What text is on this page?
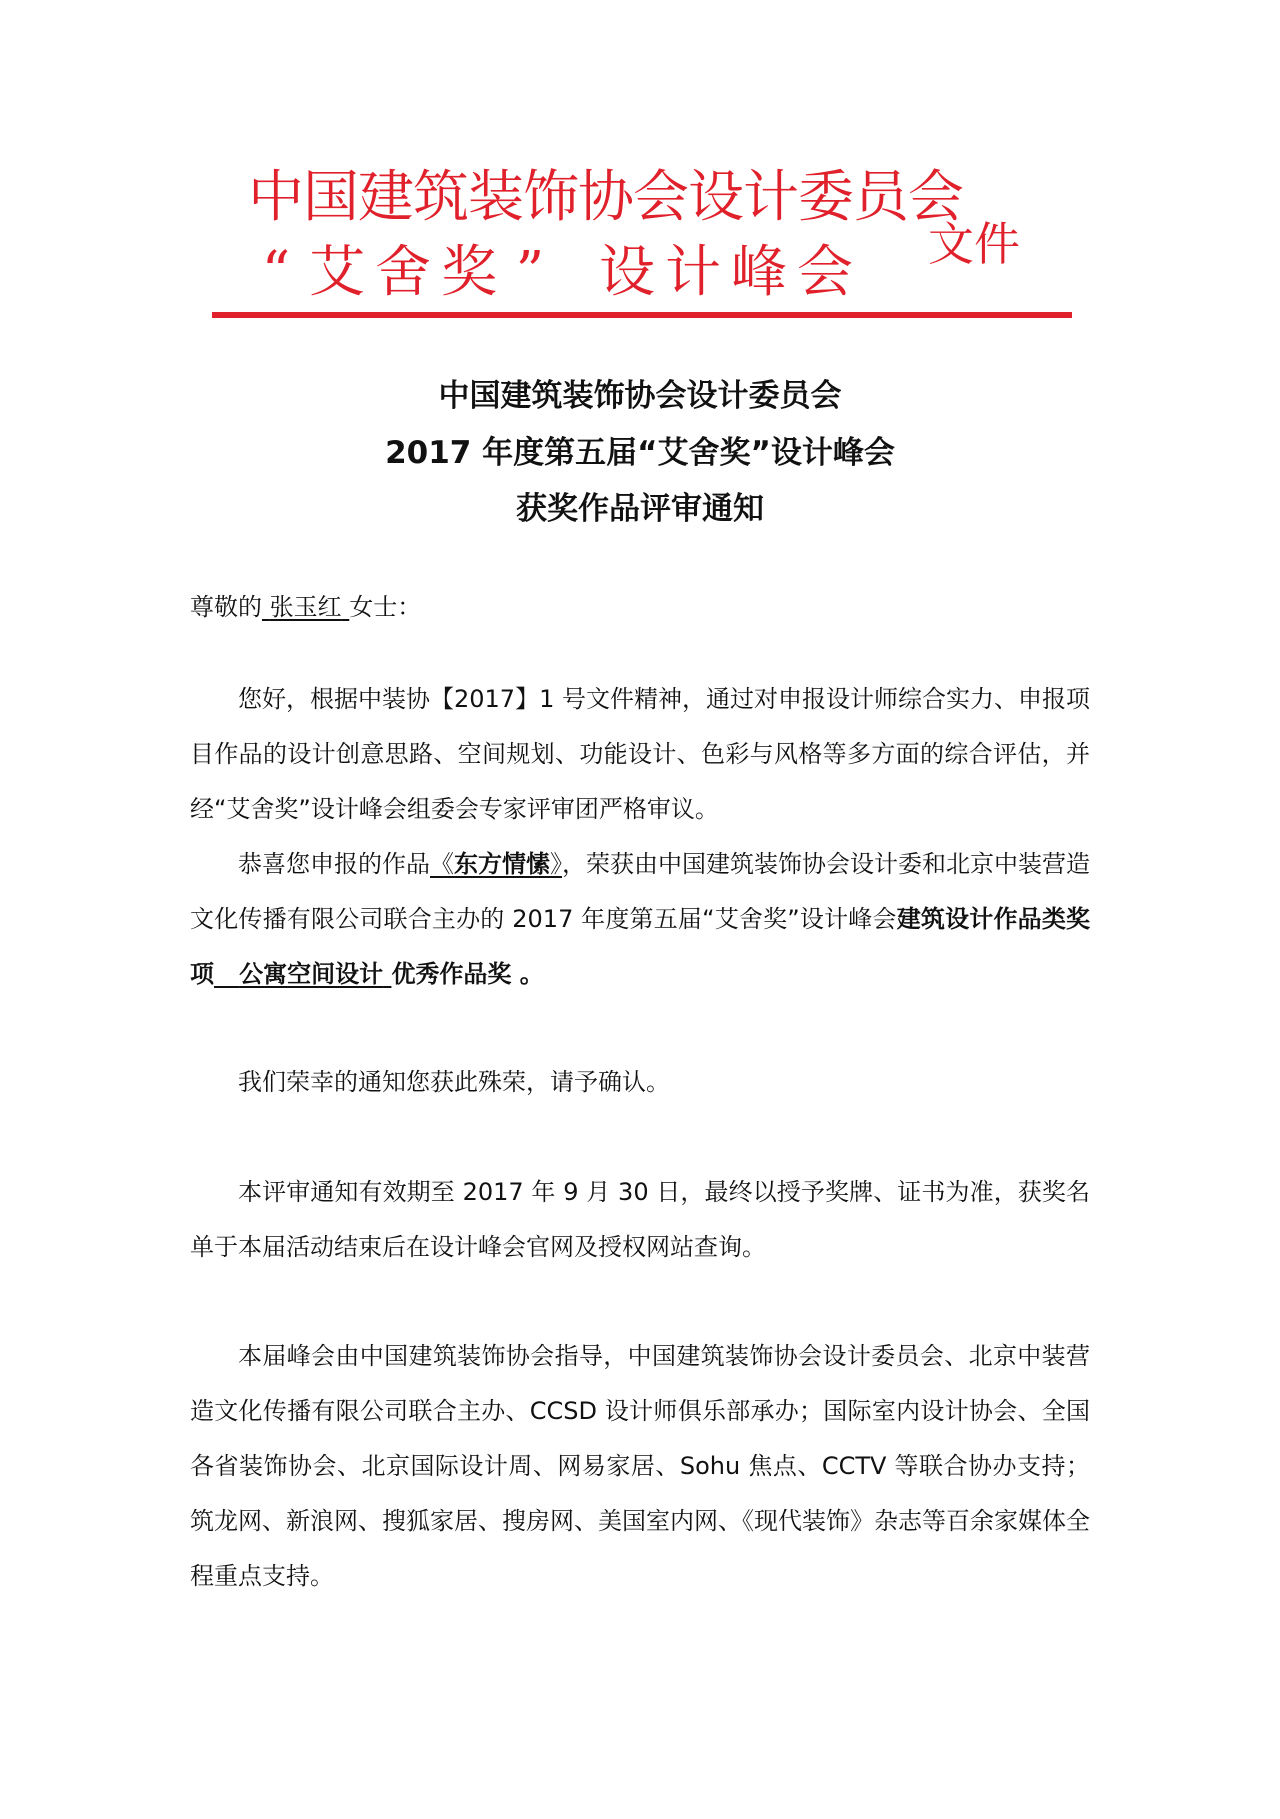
中国建筑装饰协会设计委员会
“ 艾 舍 奖 ” 设 计 峰 会 文件
中国建筑装饰协会设计委员会
2017 年度第五届“艾舍奖”设计峰会
获奖作品评审通知
尊敬的 张玉红 女士：
您好，根据中装协【2017】1 号文件精神，通过对申报设计师综合实力、申报项目作品的设计创意思路、空间规划、功能设计、色彩与风格等多方面的综合评估，并经“艾舍奖”设计峰会组委会专家评审团严格审议。
恭喜您申报的作品《东方情愫》，荣获由中国建筑装饰协会设计委和北京中装营造文化传播有限公司联合主办的 2017 年度第五届“艾舍奖”设计峰会建筑设计作品类奖项 公寓空间设计 优秀作品奖 。
我们荣幸的通知您获此殊荣，请予确认。
本评审通知有效期至 2017 年 9 月 30 日，最终以授予奖牌、证书为准，获奖名单于本届活动结束后在设计峰会官网及授权网站查询。
本届峰会由中国建筑装饰协会指导，中国建筑装饰协会设计委员会、北京中装营造文化传播有限公司联合主办、CCSD 设计师俱乐部承办；国际室内设计协会、全国各省装饰协会、北京国际设计周、网易家居、Sohu 焦点、CCTV 等联合协办支持；筑龙网、新浪网、搜狐家居、搜房网、美国室内网、《现代装饰》杂志等百余家媒体全程重点支持。
